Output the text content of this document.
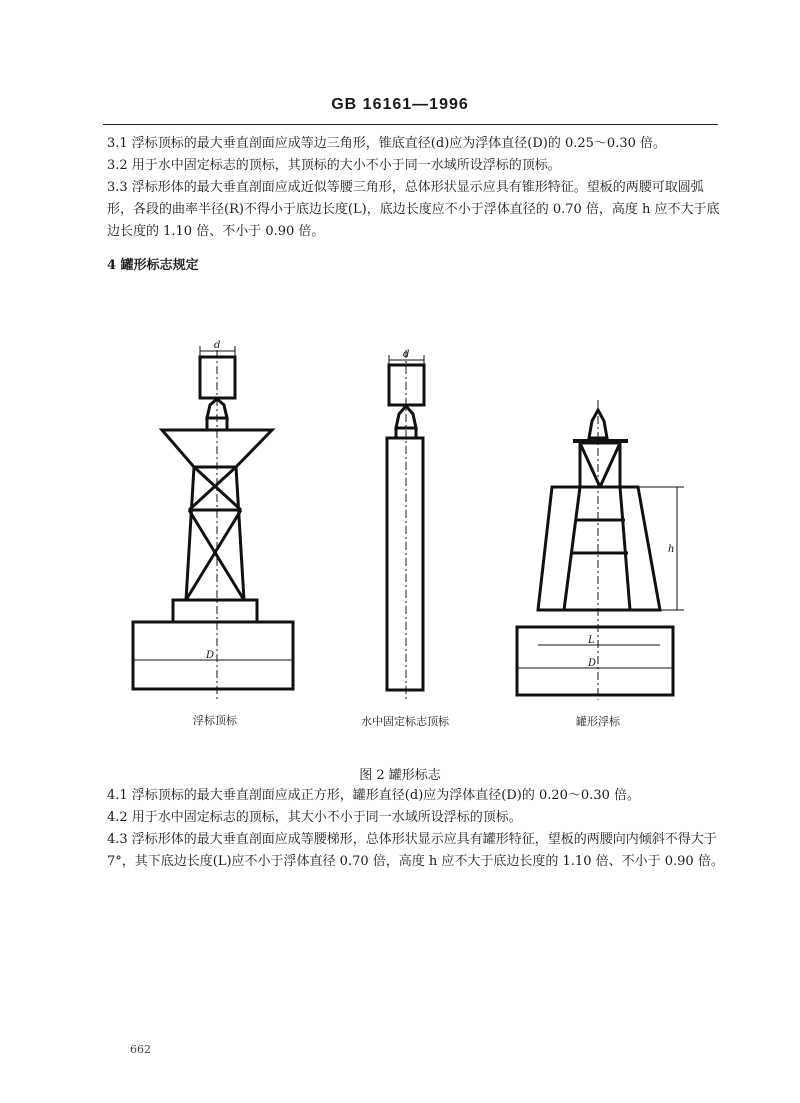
GB 16161—1996

3.1 浮标顶标的最大垂直剖面应成等边三角形，锥底直径(d)应为浮体直径(D)的 0.25～0.30 倍。

3.2 用于水中固定标志的顶标，其顶标的大小不小于同一水域所设浮标的顶标。

3.3 浮标形体的最大垂直剖面应成近似等腰三角形，总体形状显示应具有锥形特征。望板的两腰可取圆弧形，各段的曲率半径(R)不得小于底边长度(L)，底边长度应不小于浮体直径的 0.70 倍，高度 h 应不大于底边长度的 1.10 倍、不小于 0.90 倍。

4 罐形标志规定
d
d
D
L
D
h
浮标顶标	水中固定标志顶标	罐形浮标
图 2 罐形标志

4.1 浮标顶标的最大垂直剖面应成正方形，罐形直径(d)应为浮体直径(D)的 0.20～0.30 倍。

4.2 用于水中固定标志的顶标，其大小不小于同一水域所设浮标的顶标。

4.3 浮标形体的最大垂直剖面应成等腰梯形，总体形状显示应具有罐形特征，望板的两腰向内倾斜不得大于 7°，其下底边长度(L)应不小于浮体直径 0.70 倍，高度 h 应不大于底边长度的 1.10 倍、不小于 0.90 倍。

662
